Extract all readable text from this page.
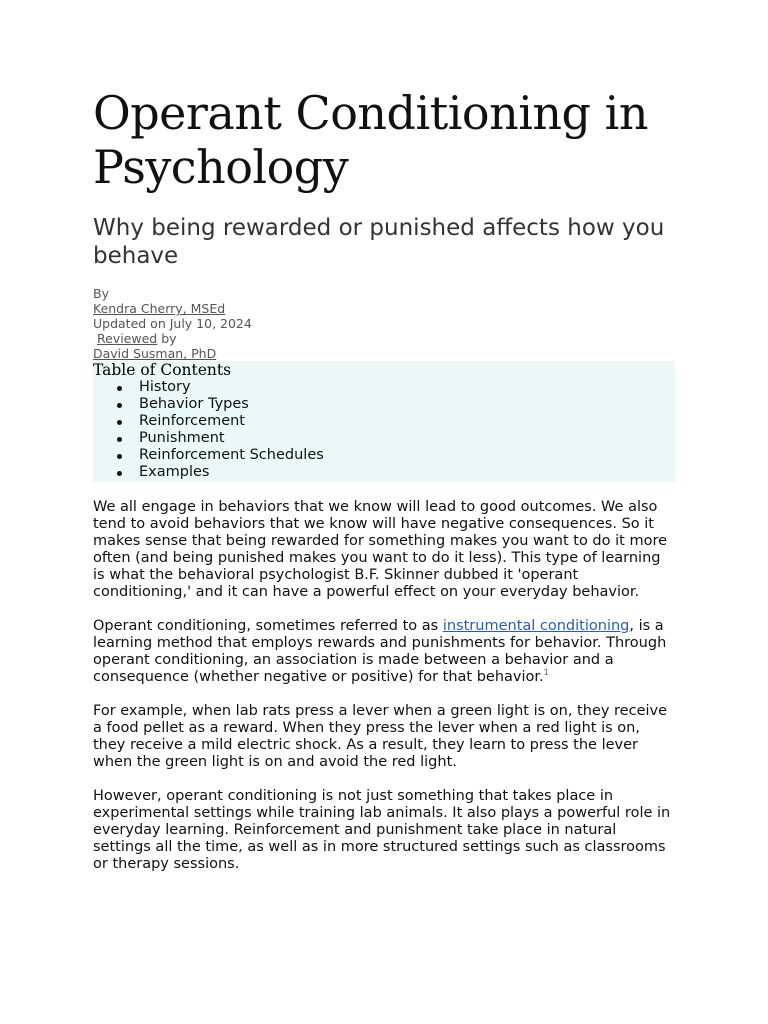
Operant Conditioning in Psychology
Why being rewarded or punished affects how you behave
By
Kendra Cherry, MSEd
Updated on July 10, 2024
Reviewed by
David Susman, PhD
Table of Contents
History
Behavior Types
Reinforcement
Punishment
Reinforcement Schedules
Examples

We all engage in behaviors that we know will lead to good outcomes. We also tend to avoid behaviors that we know will have negative consequences. So it makes sense that being rewarded for something makes you want to do it more often (and being punished makes you want to do it less). This type of learning is what the behavioral psychologist B.F. Skinner dubbed it 'operant conditioning,' and it can have a powerful effect on your everyday behavior.

Operant conditioning, sometimes referred to as instrumental conditioning, is a learning method that employs rewards and punishments for behavior. Through operant conditioning, an association is made between a behavior and a consequence (whether negative or positive) for that behavior.$^1$

For example, when lab rats press a lever when a green light is on, they receive a food pellet as a reward. When they press the lever when a red light is on, they receive a mild electric shock. As a result, they learn to press the lever when the green light is on and avoid the red light.

However, operant conditioning is not just something that takes place in experimental settings while training lab animals. It also plays a powerful role in everyday learning. Reinforcement and punishment take place in natural settings all the time, as well as in more structured settings such as classrooms or therapy sessions.
